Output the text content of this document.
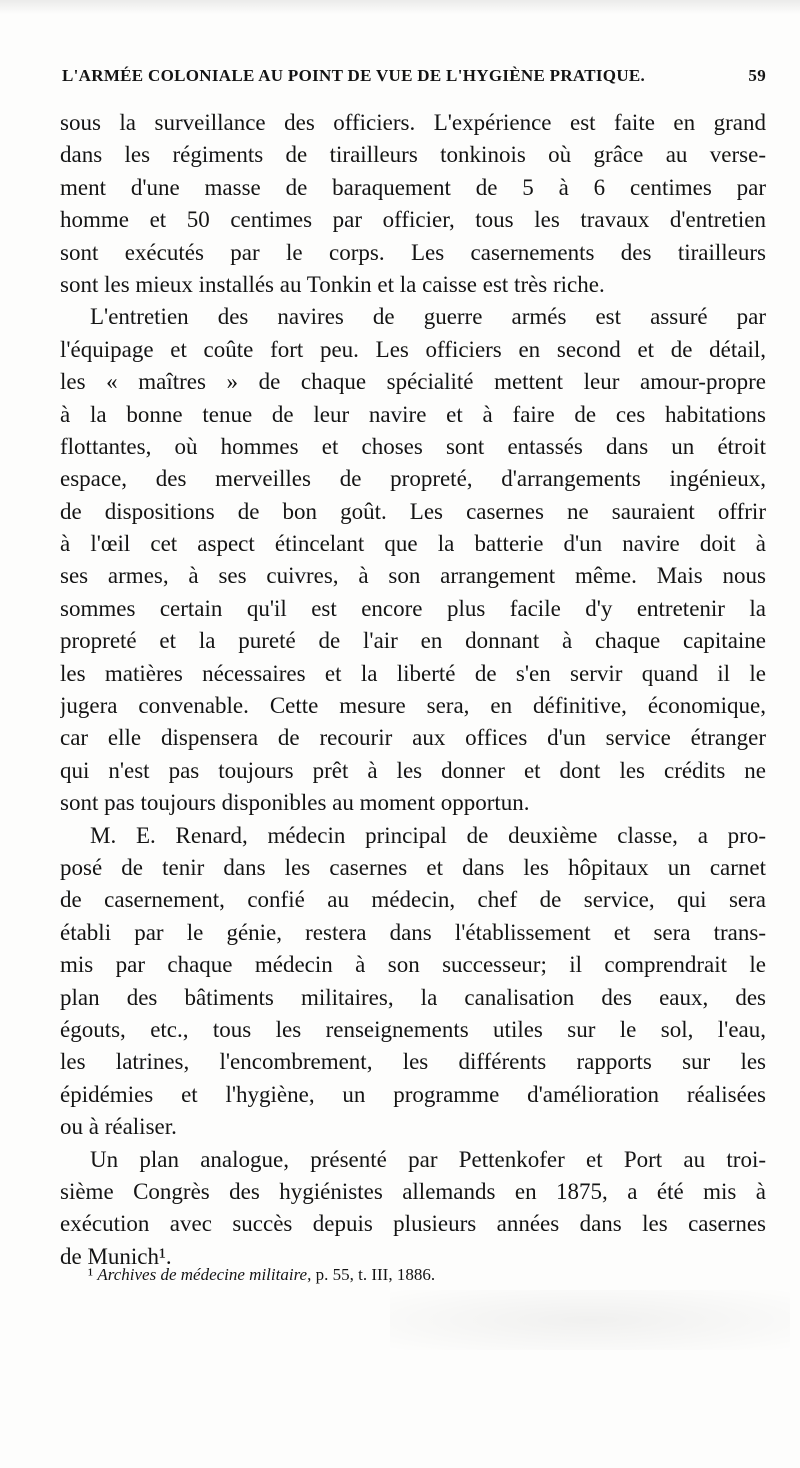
L'ARMÉE COLONIALE AU POINT DE VUE DE L'HYGIÈNE PRATIQUE.	59
sous la surveillance des officiers. L'expérience est faite en grand
dans les régiments de tirailleurs tonkinois où grâce au verse-
ment d'une masse de baraquement de 5 à 6 centimes par
homme et 50 centimes par officier, tous les travaux d'entretien
sont exécutés par le corps. Les casernements des tirailleurs
sont les mieux installés au Tonkin et la caisse est très riche.
L'entretien des navires de guerre armés est assuré par
l'équipage et coûte fort peu. Les officiers en second et de détail,
les « maîtres » de chaque spécialité mettent leur amour-propre
à la bonne tenue de leur navire et à faire de ces habitations
flottantes, où hommes et choses sont entassés dans un étroit
espace, des merveilles de propreté, d'arrangements ingénieux,
de dispositions de bon goût. Les casernes ne sauraient offrir
à l'œil cet aspect étincelant que la batterie d'un navire doit à
ses armes, à ses cuivres, à son arrangement même. Mais nous
sommes certain qu'il est encore plus facile d'y entretenir la
propreté et la pureté de l'air en donnant à chaque capitaine
les matières nécessaires et la liberté de s'en servir quand il le
jugera convenable. Cette mesure sera, en définitive, économique,
car elle dispensera de recourir aux offices d'un service étranger
qui n'est pas toujours prêt à les donner et dont les crédits ne
sont pas toujours disponibles au moment opportun.
M. E. Renard, médecin principal de deuxième classe, a pro-
posé de tenir dans les casernes et dans les hôpitaux un carnet
de casernement, confié au médecin, chef de service, qui sera
établi par le génie, restera dans l'établissement et sera trans-
mis par chaque médecin à son successeur; il comprendrait le
plan des bâtiments militaires, la canalisation des eaux, des
égouts, etc., tous les renseignements utiles sur le sol, l'eau,
les latrines, l'encombrement, les différents rapports sur les
épidémies et l'hygiène, un programme d'amélioration réalisées
ou à réaliser.
Un plan analogue, présenté par Pettenkofer et Port au troi-
sième Congrès des hygiénistes allemands en 1875, a été mis à
exécution avec succès depuis plusieurs années dans les casernes
de Munich¹.
¹ Archives de médecine militaire, p. 55, t. III, 1886.
